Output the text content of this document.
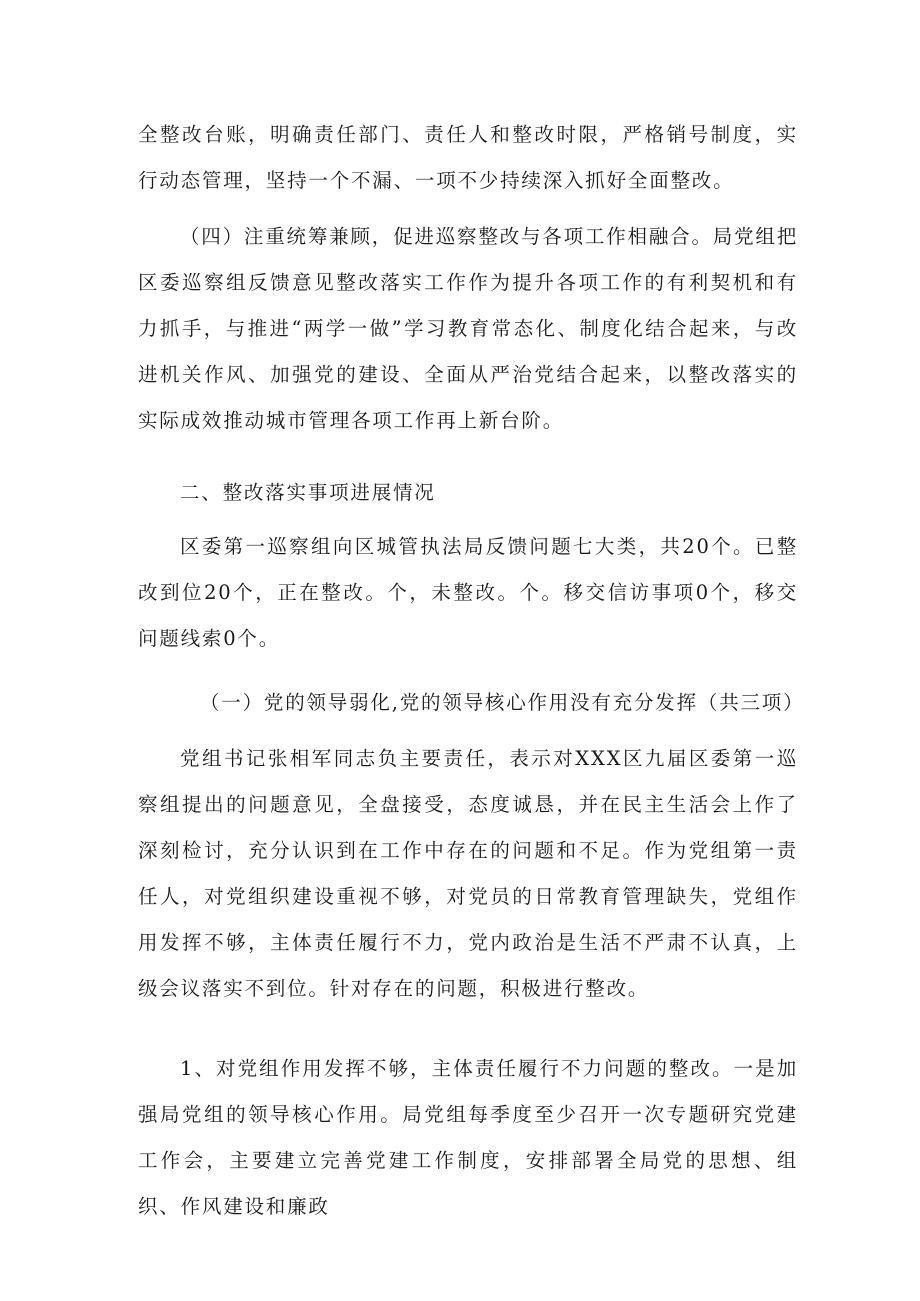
全整改台账，明确责任部门、责任人和整改时限，严格销号制度，实行动态管理，坚持一个不漏、一项不少持续深入抓好全面整改。

（四）注重统筹兼顾，促进巡察整改与各项工作相融合。局党组把区委巡察组反馈意见整改落实工作作为提升各项工作的有利契机和有力抓手，与推进“两学一做”学习教育常态化、制度化结合起来，与改进机关作风、加强党的建设、全面从严治党结合起来，以整改落实的实际成效推动城市管理各项工作再上新台阶。

二、整改落实事项进展情况

区委第一巡察组向区城管执法局反馈问题七大类，共20个。已整改到位20个，正在整改。个，未整改。个。移交信访事项0个，移交问题线索0个。

（一）党的领导弱化,党的领导核心作用没有充分发挥（共三项）

党组书记张相军同志负主要责任，表示对XXX区九届区委第一巡察组提出的问题意见，全盘接受，态度诚恳，并在民主生活会上作了深刻检讨，充分认识到在工作中存在的问题和不足。作为党组第一责任人，对党组织建设重视不够，对党员的日常教育管理缺失，党组作用发挥不够，主体责任履行不力，党内政治是生活不严肃不认真，上级会议落实不到位。针对存在的问题，积极进行整改。

1、对党组作用发挥不够，主体责任履行不力问题的整改。一是加强局党组的领导核心作用。局党组每季度至少召开一次专题研究党建工作会，主要建立完善党建工作制度，安排部署全局党的思想、组织、作风建设和廉政
